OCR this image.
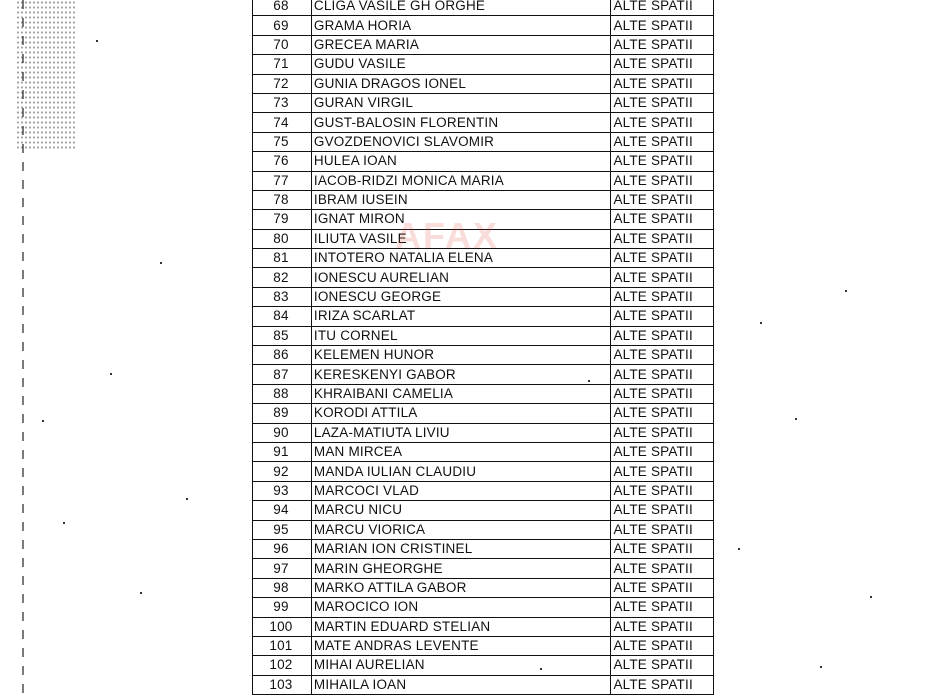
68	CLIGA VASILE GH ORGHE	ALTE SPATII
69	GRAMA HORIA	ALTE SPATII
70	GRECEA MARIA	ALTE SPATII
71	GUDU VASILE	ALTE SPATII
72	GUNIA DRAGOS IONEL	ALTE SPATII
73	GURAN VIRGIL	ALTE SPATII
74	GUST-BALOSIN FLORENTIN	ALTE SPATII
75	GVOZDENOVICI SLAVOMIR	ALTE SPATII
76	HULEA IOAN	ALTE SPATII
77	IACOB-RIDZI MONICA MARIA	ALTE SPATII
78	IBRAM IUSEIN	ALTE SPATII
79	IGNAT MIRON	ALTE SPATII
80	ILIUTA VASILE	ALTE SPATII
81	INTOTERO NATALIA ELENA	ALTE SPATII
82	IONESCU AURELIAN	ALTE SPATII
83	IONESCU GEORGE	ALTE SPATII
84	IRIZA SCARLAT	ALTE SPATII
85	ITU CORNEL	ALTE SPATII
86	KELEMEN HUNOR	ALTE SPATII
87	KERESKENYI GABOR	ALTE SPATII
88	KHRAIBANI CAMELIA	ALTE SPATII
89	KORODI ATTILA	ALTE SPATII
90	LAZA-MATIUTA LIVIU	ALTE SPATII
91	MAN MIRCEA	ALTE SPATII
92	MANDA IULIAN CLAUDIU	ALTE SPATII
93	MARCOCI VLAD	ALTE SPATII
94	MARCU NICU	ALTE SPATII
95	MARCU VIORICA	ALTE SPATII
96	MARIAN ION CRISTINEL	ALTE SPATII
97	MARIN GHEORGHE	ALTE SPATII
98	MARKO ATTILA GABOR	ALTE SPATII
99	MAROCICO ION	ALTE SPATII
100	MARTIN EDUARD STELIAN	ALTE SPATII
101	MATE ANDRAS LEVENTE	ALTE SPATII
102	MIHAI AURELIAN	ALTE SPATII
103	MIHAILA IOAN	ALTE SPATII
AFAX
